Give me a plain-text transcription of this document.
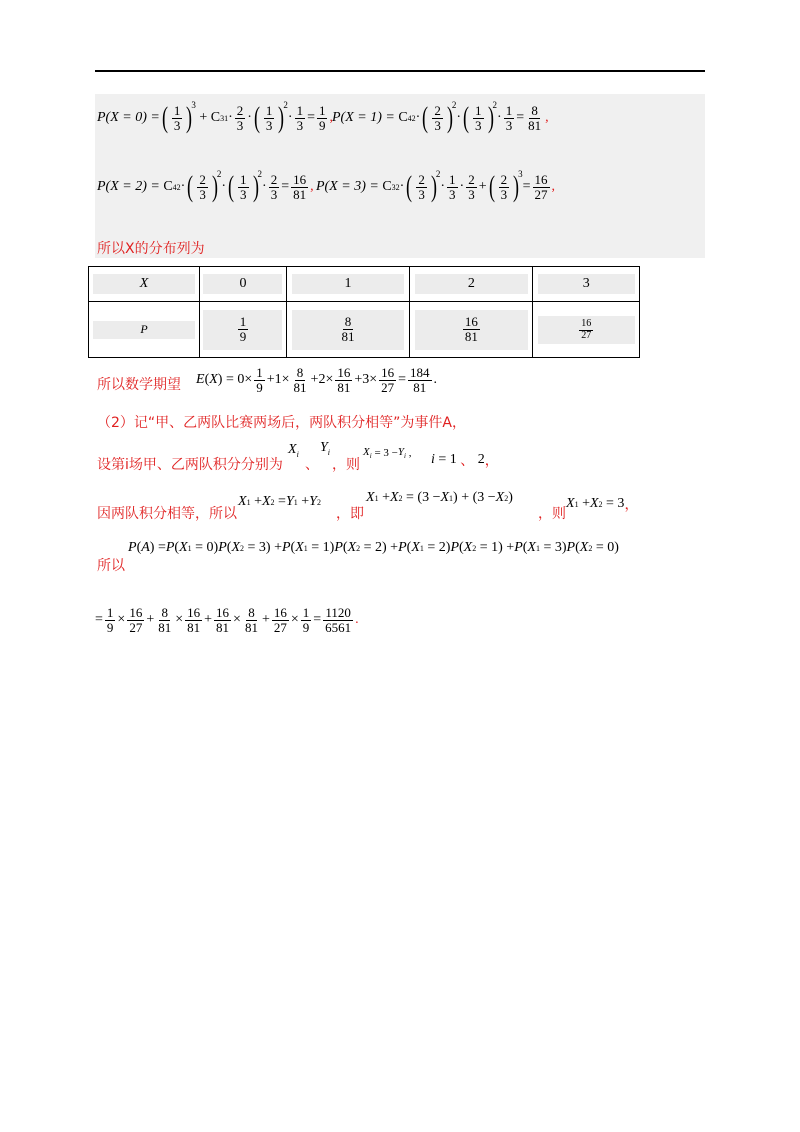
P(X = 0) = ( $\frac{1}{3}$ ) 3
+ C 3 $1 \cdot \frac{2}{3}$ · ( $\frac{1}{3}$ ) 2
· $\frac{1}{3} = \frac{1}{9}$ , P(X = 1) = C 4 2 · ( $\frac{2}{3}$ ) 2
· ( $\frac{1}{3}$ ) 2
· $\frac{1}{3} = \frac{8}{81}$ ,
P(X = 2) = C 4 2 · ( $\frac{2}{3}$ ) 2
· ( $\frac{1}{3}$ ) 2
· $\frac{2}{3} = \frac{16}{81}$ , P(X = 3) = C 3 2 · ( $\frac{2}{3}$ ) 2
· $\frac{1}{3} \cdot \frac{2}{3}$ + ( $\frac{2}{3}$ ) 3
= $\frac{16}{27}$ ,
所以X的分布列为
X	0	1	2	3
P	$\frac{1}{9}$	$\frac{8}{81}$	$\frac{16}{81}$	$\frac{16}{27}$
所以数学期望 E ( X ) = $0\times \frac{1}{9} +1\times \frac{8}{81} +2\times \frac{16}{81} +3\times \frac{16}{27} = \frac{184}{81}$ .
（2）记“甲、乙两队比赛两场后，两队积分相等”为事件A，
设第i场甲、乙两队积分分别为
$X_i$
、
$Y_i$
，则
$X_i = 3 - Y_i$ , i = 1 、 2 ，
因两队积分相等，所以
X 1 + X 2 = Y 1 + Y 2
，即
X 1 + X 2 = (3 − X 1 ) + (3 − X 2 )
，则
X 1 + X 2 = 3 ，
所以
P ( A ) = P ( X 1 = 0) P ( X 2 = 3) + P ( X 1 = 1) P ( X 2 = 2) + P ( X 1 = 2) P ( X 2 = 1) + P ( X 1 = 3) P ( X 2 = 0)
= $\frac{1}{9} \times \frac{16}{27} + \frac{8}{81} \times \frac{16}{81} + \frac{16}{81} \times \frac{8}{81} + \frac{16}{27} \times \frac{1}{9} = \frac{1120}{6561}$ .
